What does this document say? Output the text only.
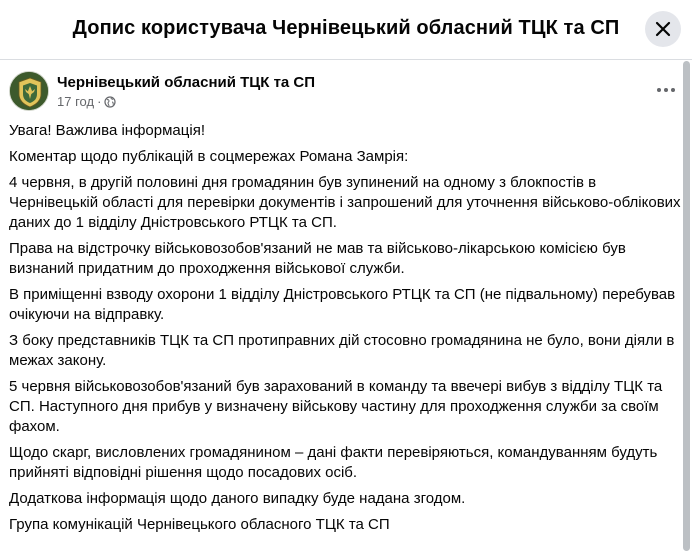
Допис користувача Чернівецький обласний ТЦК та СП
Чернівецький обласний ТЦК та СП
17 год ·

Увага! Важлива інформація!

Коментар щодо публікацій в соцмережах Романа Замрія:

4 червня, в другій половині дня громадянин був зупинений на одному з блокпостів в Чернівецькій області для перевірки документів і запрошений для уточнення військово-облікових даних до 1 відділу Дністровського РТЦК та СП.

Права на відстрочку військовозобов'язаний не мав та військово-лікарською комісією був визнаний придатним до проходження військової служби.

В приміщенні взводу охорони 1 відділу Дністровського РТЦК та СП (не підвальному) перебував очікуючи на відправку.

З боку представників ТЦК та СП протиправних дій стосовно громадянина не було, вони діяли в межах закону.

5 червня військовозобов'язаний був зарахований в команду та ввечері вибув з відділу ТЦК та СП. Наступного дня прибув у визначену військову частину для проходження служби за своїм фахом.

Щодо скарг, висловлених громадянином – дані факти перевіряються, командуванням будуть прийняті відповідні рішення щодо посадових осіб.

Додаткова інформація щодо даного випадку буде надана згодом.

Група комунікацій Чернівецького обласного ТЦК та СП
